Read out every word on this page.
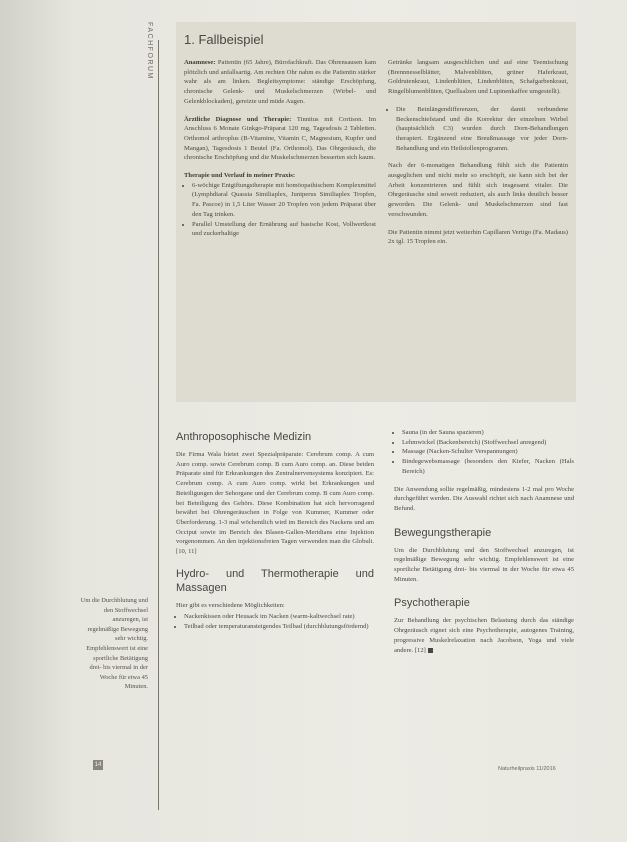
FACHFORUM 1. Fallbeispiel

Anamnese: Patientin (65 Jahre), Bürofachkraft. Das Ohrensausen kam plötzlich und anfallsartig. Am rechten Ohr nahm es die Patientin stärker wahr als am linken. Begleitsymptome: ständige Erschöpfung, chronische Gelenk- und Muskelschmerzen (Wirbel- und Gelenkblockaden), gereizte und müde Augen.

Ärztliche Diagnose und Therapie: Tinnitus mit Cortison. Im Anschluss 6 Monate Ginkgo-Präparat 120 mg, Tagesdosis 2 Tabletten. Orthomol arthroplus (B-Vitamine, Vitamin C, Magnesium, Kupfer und Mangan), Tagesdosis 1 Beutel (Fa. Orthomol). Das Ohrgeräusch, die chronische Erschöpfung und die Muskelschmerzen besserten sich kaum.

Therapie und Verlauf in meiner Praxis:
• 6-wöchige Entgiftungstherapie mit homöopathischem Komplexmittel (Lymphdiaral Quassia Similiaplex, Juniperus Similiaplex Tropfen, Fa. Pascoe) in 1,5 Liter Wasser 20 Tropfen von jedem Präparat über den Tag trinken.
• Parallel Umstellung der Ernährung auf basische Kost, Vollwertkost und zuckerhaltige

Getränke langsam ausgeschlichen und auf eine Teemischung (Brennnesselblätter, Malvenblüten, grüner Haferkraut, Goldrutenkraut, Lindenblüten, Lindenblüten, Schafgarbenkraut, Ringelblumenblüten, Quellsalzen und Lupinenkaffee umgestellt).

• Die Beinlängendifferenzen, der damit verbundene Beckenschiefstand und die Korrektur der einzelnen Wirbel (hauptsächlich C3) wurden durch Dorn-Behandlungen therapiert. Ergänzend eine Breußmassage vor jeder Dorn-Behandlung und ein Heilstollenprogramm.

Nach der 6-monatigen Behandlung fühlt sich die Patientin ausgeglichen und nicht mehr so erschöpft, sie kann sich bei der Arbeit konzentrieren und fühlt sich insgesamt vitaler. Die Ohrgeräusche sind soweit reduziert, als auch links deutlich besser geworden. Die Gelenk- und Muskelschmerzen sind fast verschwunden.

Die Patientin nimmt jetzt weiterhin Capillaren Vertigo (Fa. Madaus) 2x tgl. 15 Tropfen ein.

Anthroposophische Medizin

Die Firma Wala bietet zwei Spezialpräparate: Cerebrum comp. A cum Auro comp. sowie Cerebrum comp. B cum Auro comp. an. Diese beiden Präparate sind für Erkrankungen des Zentralnervensystems konzipiert. Es: Cerebrum comp. A cum Auro comp. wirkt bei Erkrankungen und Beteiligungen der Sehorgane und der Cerebrum comp. B cum Auro comp. bei Beteiligung des Gehörs. Diese Kombination hat sich hervorragend bewährt bei Ohrengeräuschen in Folge von Kummer, Kummer oder Überforderung. 1-3 mal wöchentlich wird im Bereich des Nackens und am Occiput sowie im Bereich des Blasen-Gallen-Meridians eine Injektion vorgenommen. An den injektionsfreien Tagen verwenden man die Globuli. [10, 11]

Hydro- und Thermotherapie und Massagen

Hier gibt es verschiedene Möglichkeiten:

• Nackenkissen oder Heusack im Nacken (warm-kaltwechsel rate)
• Teilbad oder temperaturansteigendes Teilbad (durchblutungsfördernd)
• Sauna (in der Sauna spazieren)
• Lehmwickel (Backenbereich) (Stoffwechsel anregend)
• Massage (Nacken-Schulter Verspannungen)
• Bindegewebsmassage (besonders den Kiefer, Nacken (Hals Bereich)

Die Anwendung sollte regelmäßig, mindestens 1-2 mal pro Woche durchgeführt werden. Die Auswahl richtet sich nach Anamnese und Befund.

Bewegungstherapie

Um die Durchblutung und den Stoffwechsel anzuregen, ist regelmäßige Bewegung sehr wichtig. Empfehlenswert ist eine sportliche Betätigung drei- bis viermal in der Woche für etwa 45 Minuten.

Psychotherapie

Zur Behandlung der psychischen Belastung durch das ständige Ohrgeräusch eignet sich eine Psychotherapie, autogenes Training, progressive Muskelrelaxation nach Jacobson, Yoga und viele andere. [12]

Um die Durchblutung und den Stoffwechsel anzuregen, ist regelmäßige Bewegung sehr wichtig. Empfehlenswert ist eine sportliche Betätigung drei- bis viermal in der Woche für etwa 45 Minuten.
14
Naturheilpraxis 11/2016
